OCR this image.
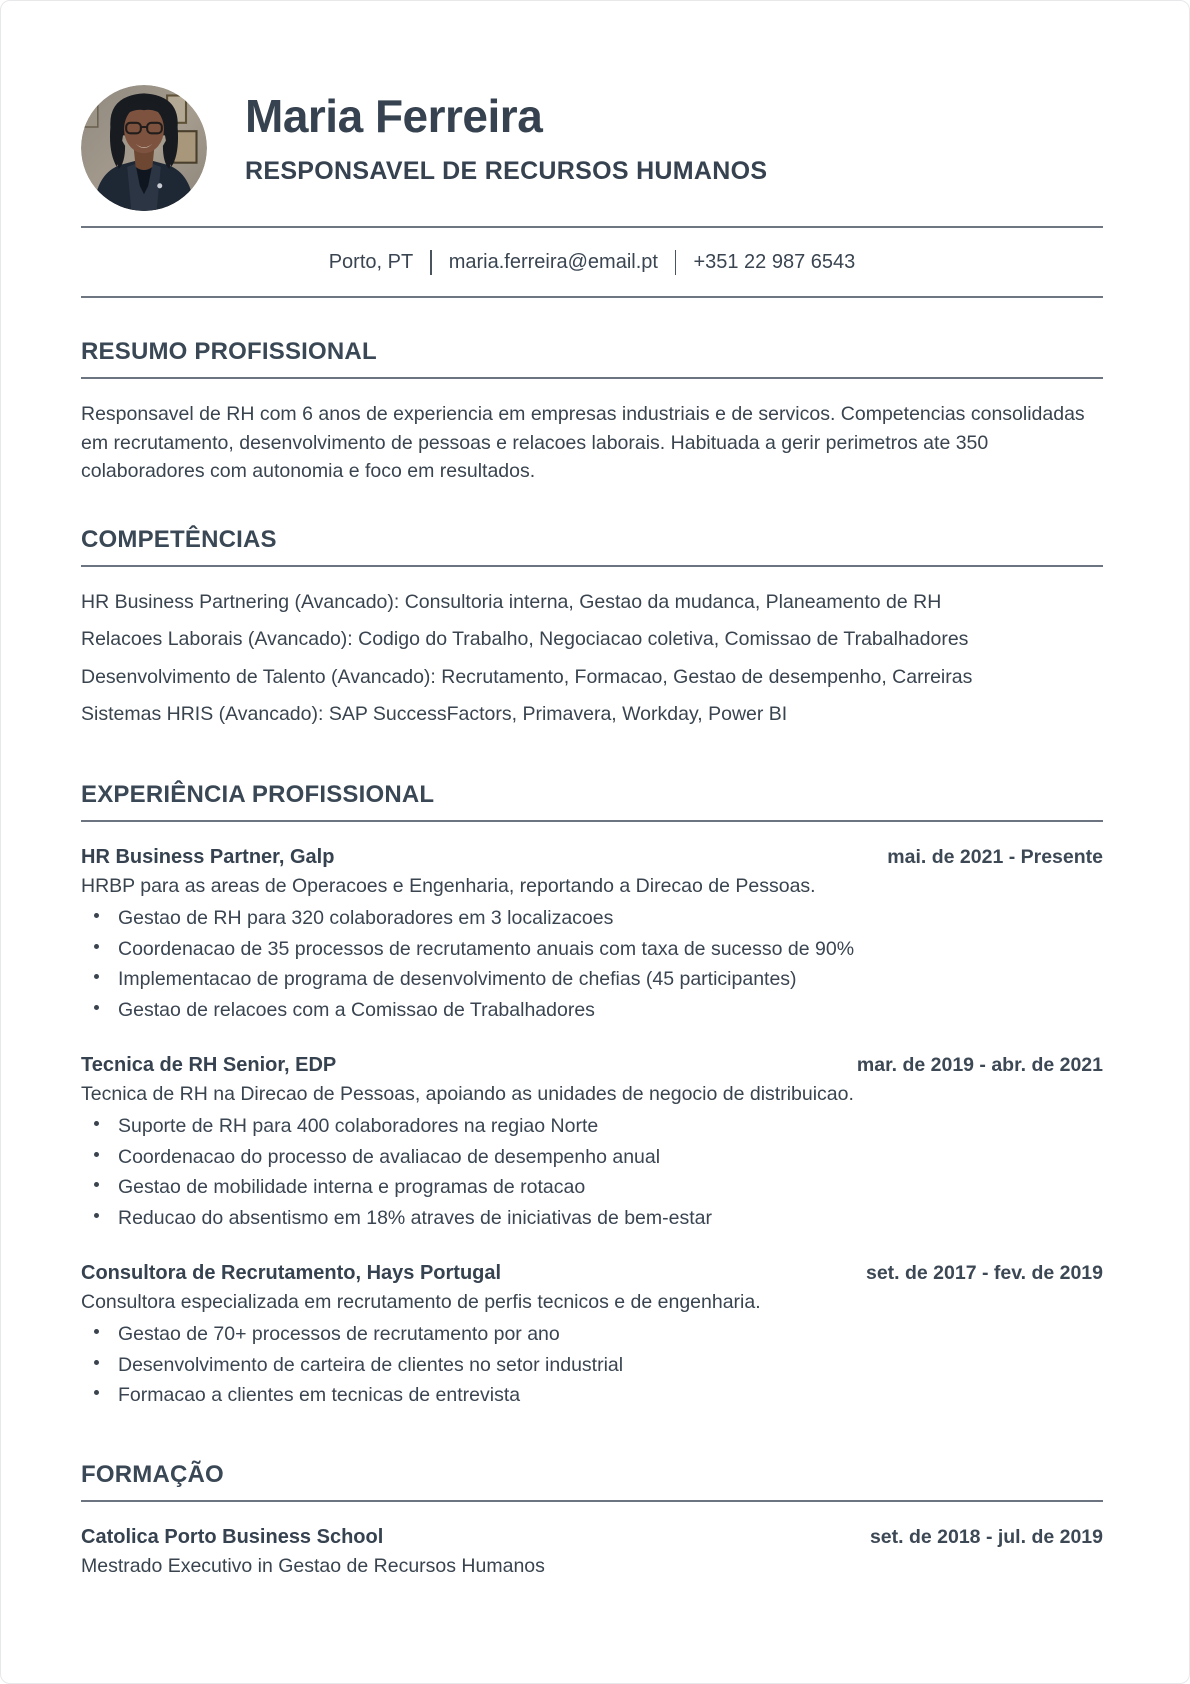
Maria Ferreira
RESPONSAVEL DE RECURSOS HUMANOS
Porto, PT maria.ferreira@email.pt +351 22 987 6543
RESUMO PROFISSIONAL

Responsavel de RH com 6 anos de experiencia em empresas industriais e de servicos. Competencias consolidadas em recrutamento, desenvolvimento de pessoas e relacoes laborais. Habituada a gerir perimetros ate 350 colaboradores com autonomia e foco em resultados.

COMPETÊNCIAS

HR Business Partnering (Avancado): Consultoria interna, Gestao da mudanca, Planeamento de RH

Relacoes Laborais (Avancado): Codigo do Trabalho, Negociacao coletiva, Comissao de Trabalhadores

Desenvolvimento de Talento (Avancado): Recrutamento, Formacao, Gestao de desempenho, Carreiras

Sistemas HRIS (Avancado): SAP SuccessFactors, Primavera, Workday, Power BI

EXPERIÊNCIA PROFISSIONAL
HR Business Partner, Galp	mai. de 2021 - Presente

HRBP para as areas de Operacoes e Engenharia, reportando a Direcao de Pessoas.

Gestao de RH para 320 colaboradores em 3 localizacoes
Coordenacao de 35 processos de recrutamento anuais com taxa de sucesso de 90%
Implementacao de programa de desenvolvimento de chefias (45 participantes)
Gestao de relacoes com a Comissao de Trabalhadores
Tecnica de RH Senior, EDP	mar. de 2019 - abr. de 2021

Tecnica de RH na Direcao de Pessoas, apoiando as unidades de negocio de distribuicao.

Suporte de RH para 400 colaboradores na regiao Norte
Coordenacao do processo de avaliacao de desempenho anual
Gestao de mobilidade interna e programas de rotacao
Reducao do absentismo em 18% atraves de iniciativas de bem-estar
Consultora de Recrutamento, Hays Portugal	set. de 2017 - fev. de 2019

Consultora especializada em recrutamento de perfis tecnicos e de engenharia.

Gestao de 70+ processos de recrutamento por ano
Desenvolvimento de carteira de clientes no setor industrial
Formacao a clientes em tecnicas de entrevista
FORMAÇÃO
Catolica Porto Business School	set. de 2018 - jul. de 2019

Mestrado Executivo in Gestao de Recursos Humanos
